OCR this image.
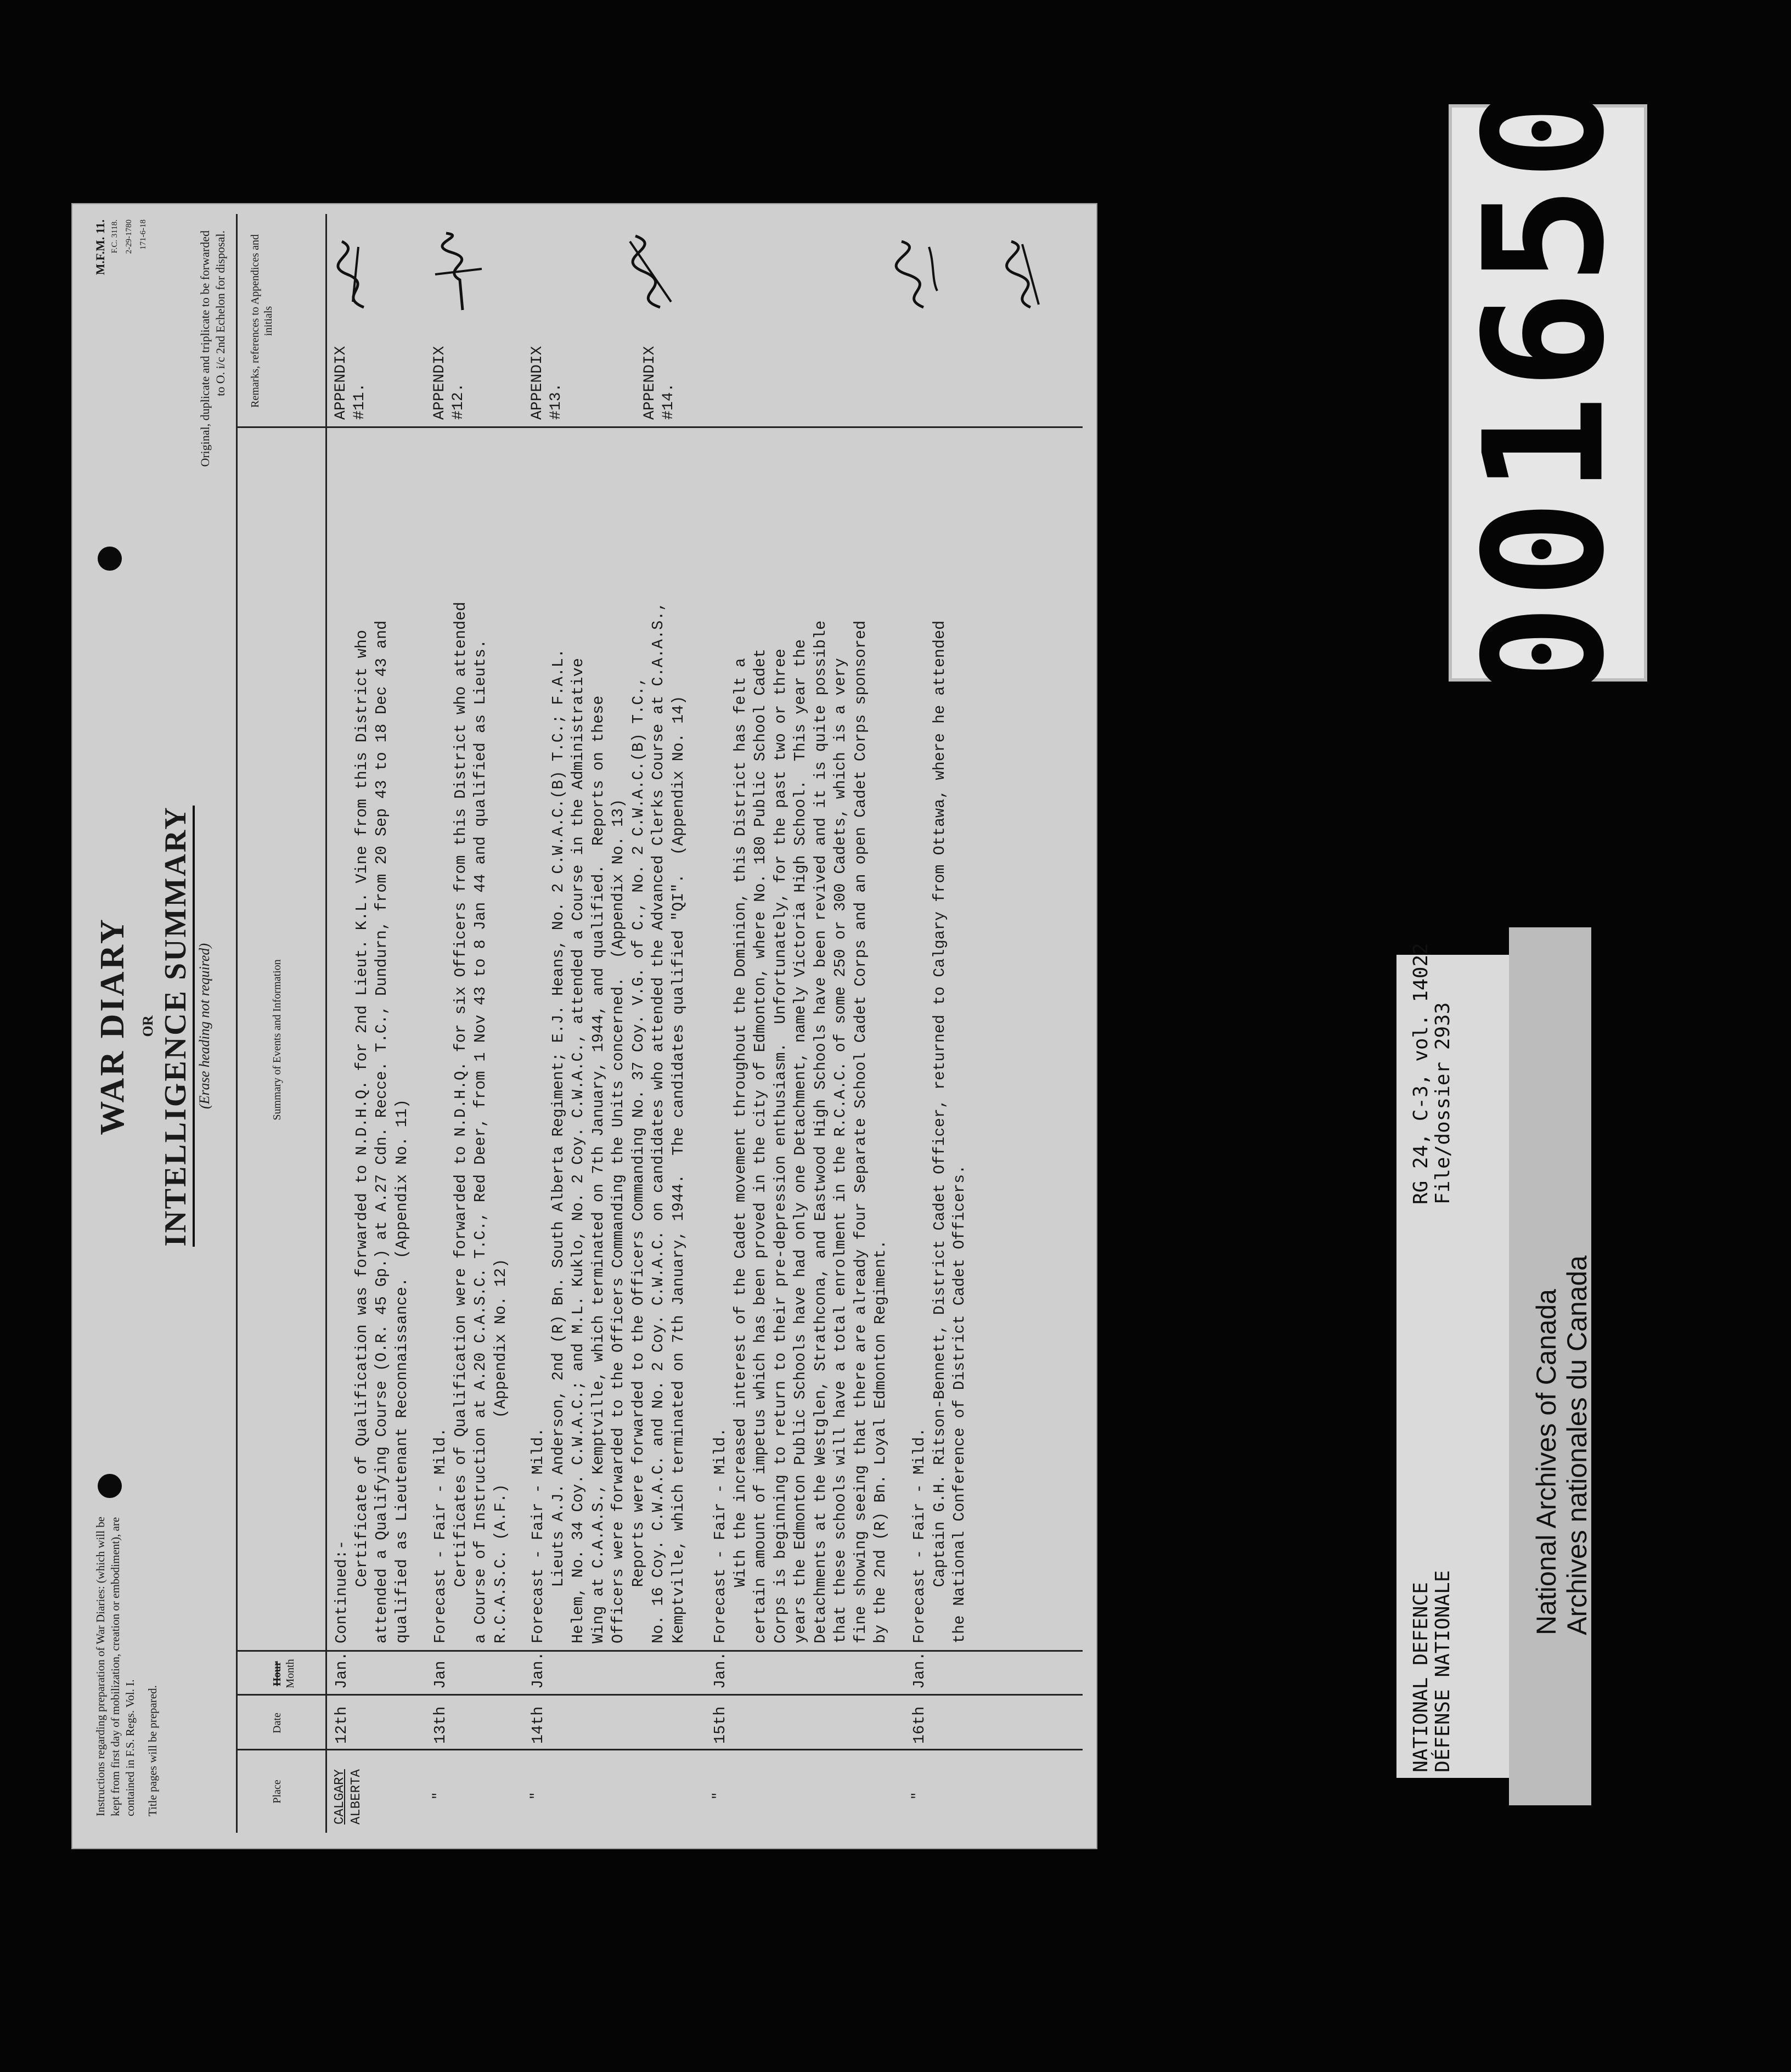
Instructions regarding preparation of War Diaries: (which will be kept from first day of mobilization, creation or embodiment), are contained in F.S. Regs. Vol. I. Title pages will be prepared.

M.F.M. 11. F.C. 3118. 2-29-1780 171-6-18
WAR DIARY OR INTELLIGENCE SUMMARY (Erase heading not required)
Original, duplicate and triplicate to be forwarded to O. i/c 2nd Echelon for disposal.
Place
Date
Hour Month
Summary of Events and Information
Remarks, references to Appendices and initials
CALGARY ALBERTA
12th
Jan.
Continued:-
Certificate of Qualification was forwarded to N.D.H.Q. for 2nd Lieut. K.L. Vine from this District who
attended a Qualifying Course (O.R. 45 Gp.) at A.27 Cdn. Recce. T.C., Dundurn, from 20 Sep 43 to 18 Dec 43 and
qualified as Lieutenant Reconnaissance.  (Appendix No. 11)
APPENDIX #11.
"
13th
Jan
Forecast - Fair - Mild.
Certificates of Qualification were forwarded to N.D.H.Q. for six Officers from this District who attended
a Course of Instruction at A.20 C.A.S.C. T.C., Red Deer, from 1 Nov 43 to 8 Jan 44 and qualified as Lieuts.
R.C.A.S.C. (A.F.)       (Appendix No. 12)
APPENDIX #12.
"
14th
Jan.
Forecast - Fair - Mild.
Lieuts A.J. Anderson, 2nd (R) Bn. South Alberta Regiment; E.J. Heans, No. 2 C.W.A.C.(B) T.C.; F.A.L.
Helem, No. 34 Coy. C.W.A.C.; and M.L. Kuklo, No. 2 Coy. C.W.A.C., attended a Course in the Administrative
Wing at C.A.A.S., Kemptville, which terminated on 7th January, 1944, and qualified.  Reports on these
Officers were forwarded to the Officers Commanding the Units concerned.  (Appendix No. 13)
Reports were forwarded to the Officers Commanding No. 37 Coy. V.G. of C., No. 2 C.W.A.C.(B) T.C.,
No. 16 Coy. C.W.A.C. and No. 2 Coy. C.W.A.C. on candidates who attended the Advanced Clerks Course at C.A.A.S.,
Kemptville, which terminated on 7th January, 1944.  The candidates qualified "QI".  (Appendix No. 14)
APPENDIX #13.	APPENDIX #14.
"
15th
Jan.
Forecast - Fair - Mild.
With the increased interest of the Cadet movement throughout the Dominion, this District has felt a
certain amount of impetus which has been proved in the city of Edmonton, where No. 180 Public School Cadet
Corps is beginning to return to their pre-depression enthusiasm.  Unfortunately, for the past two or three
years the Edmonton Public Schools have had only one Detachment, namely Victoria High School.  This year the
Detachments at the Westglen, Strathcona, and Eastwood High Schools have been revived and it is quite possible
that these schools will have a total enrolment in the R.C.A.C. of some 250 or 300 Cadets, which is a very
fine showing seeing that there are already four Separate School Cadet Corps and an open Cadet Corps sponsored
by the 2nd (R) Bn. Loyal Edmonton Regiment.
"
16th
Jan.
Forecast - Fair - Mild.
Captain G.H. Ritson-Bennett, District Cadet Officer, returned to Calgary from Ottawa, where he attended
the National Conference of District Cadet Officers.
001650
NATIONAL DEFENCE DÉFENSE NATIONALE
RG 24, C-3, vol. 14022 File/dossier 2933
National Archives of Canada Archives nationales du Canada
